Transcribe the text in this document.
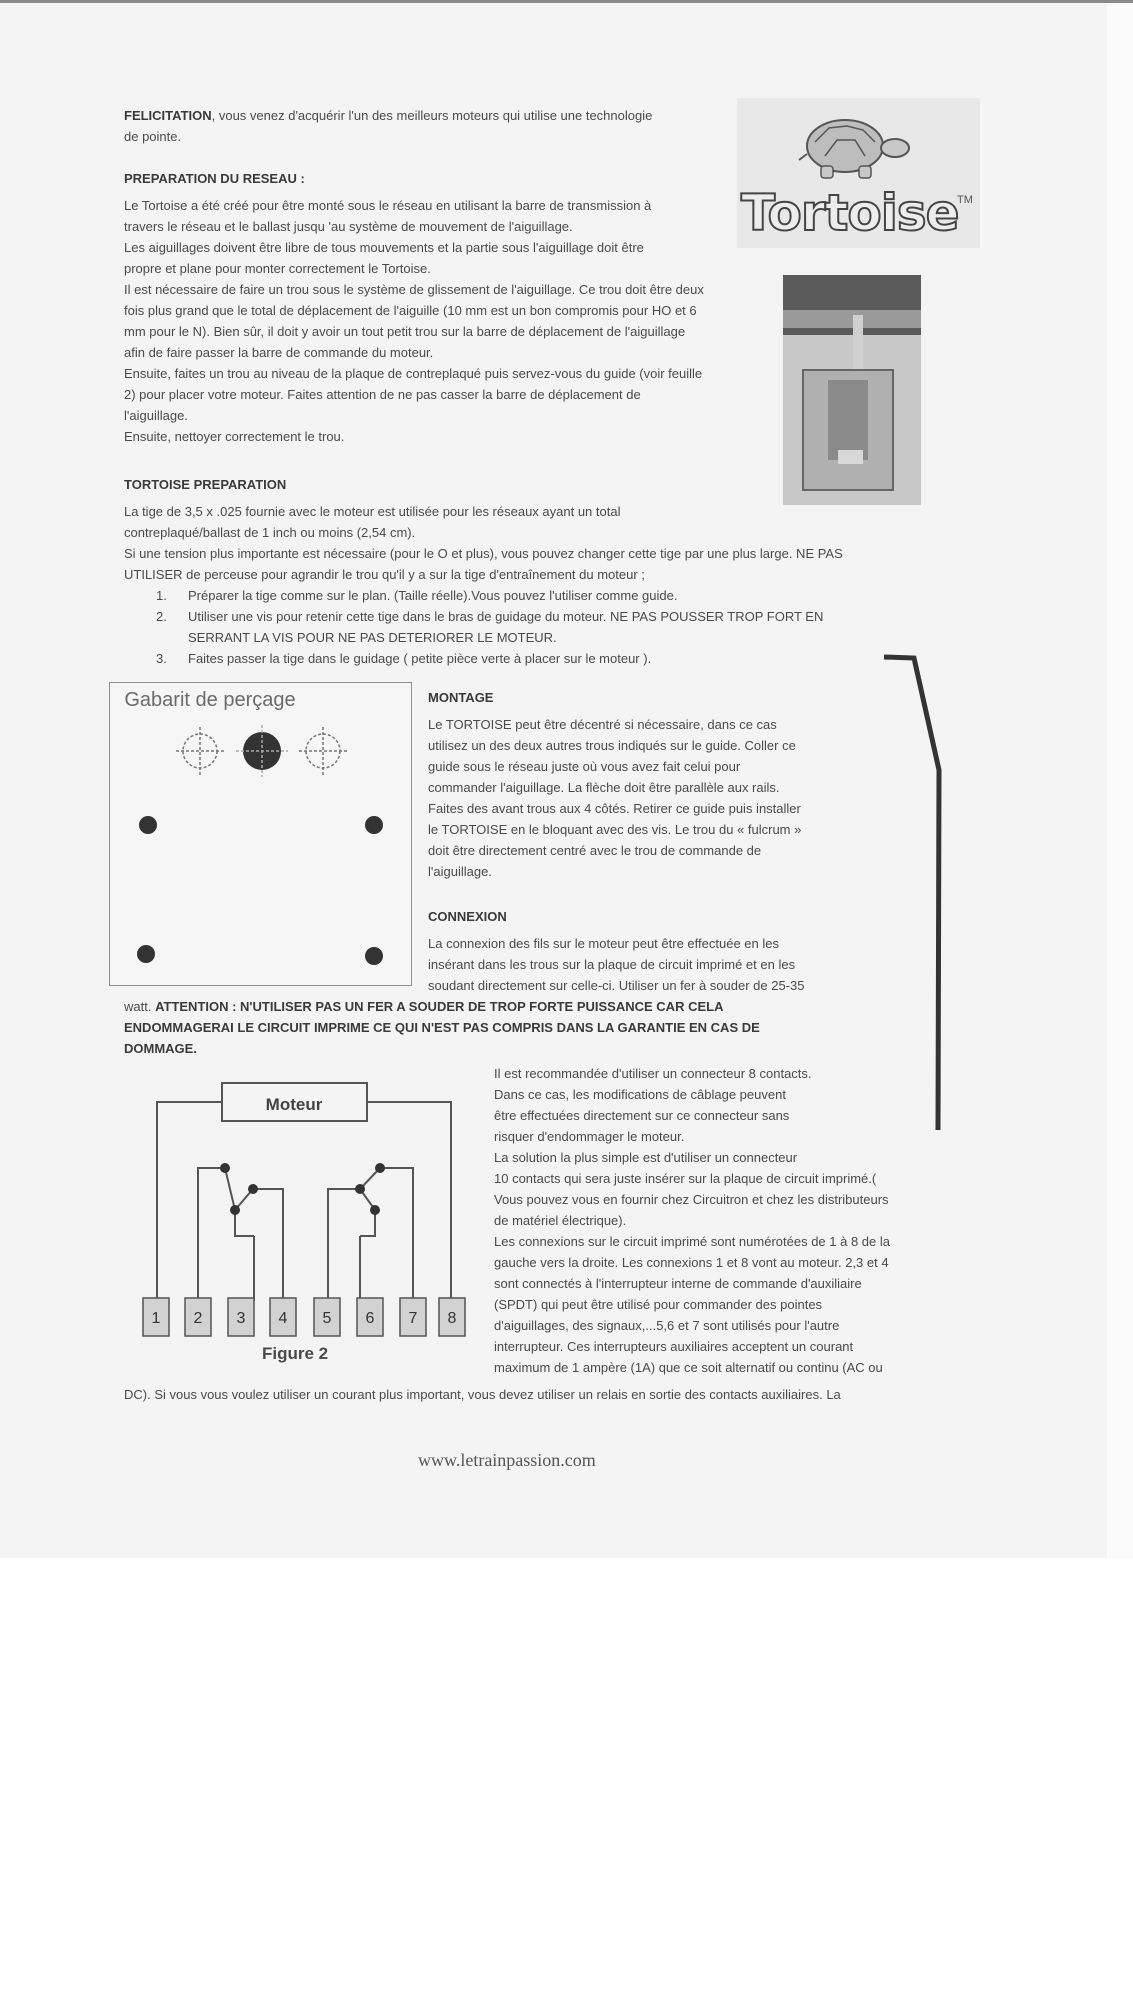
FELICITATION, vous venez d'acquérir l'un des meilleurs moteurs qui utilise une technologie
de pointe.
PREPARATION DU RESEAU :
Le Tortoise a été créé pour être monté sous le réseau en utilisant la barre de transmission à
travers le réseau et le ballast jusqu 'au système de mouvement de l'aiguillage.
Les aiguillages doivent être libre de tous mouvements et la partie sous l'aiguillage doit être
propre et plane pour monter correctement le Tortoise.
Il est nécessaire de faire un trou sous le système de glissement de l'aiguillage. Ce trou doit être deux
fois plus grand que le total de déplacement de l'aiguille (10 mm est un bon compromis pour HO et 6
mm pour le N). Bien sûr, il doit y avoir un tout petit trou sur la barre de déplacement de l'aiguillage
afin de faire passer la barre de commande du moteur.
Ensuite, faites un trou au niveau de la plaque de contreplaqué puis servez-vous du guide (voir feuille
2) pour placer votre moteur. Faites attention de ne pas casser la barre de déplacement de
l'aiguillage.
Ensuite, nettoyer correctement le trou.
Tortoise
TM
TORTOISE PREPARATION
La tige de 3,5 x .025 fournie avec le moteur est utilisée pour les réseaux ayant un total
contreplaqué/ballast de 1 inch ou moins (2,54 cm).
Si une tension plus importante est nécessaire (pour le O et plus), vous pouvez changer cette tige par une plus large. NE PAS
UTILISER de perceuse pour agrandir le trou qu'il y a sur la tige d'entraînement du moteur ;
1. Préparer la tige comme sur le plan. (Taille réelle).Vous pouvez l'utiliser comme guide.
2. Utiliser une vis pour retenir cette tige dans le bras de guidage du moteur. NE PAS POUSSER TROP FORT EN
SERRANT LA VIS POUR NE PAS DETERIORER LE MOTEUR.
3. Faites passer la tige dans le guidage ( petite pièce verte à placer sur le moteur ).
Gabarit de perçage	MONTAGE
Le TORTOISE peut être décentré si nécessaire, dans ce cas
utilisez un des deux autres trous indiqués sur le guide. Coller ce
guide sous le réseau juste où vous avez fait celui pour
commander l'aiguillage. La flèche doit être parallèle aux rails.
Faites des avant trous aux 4 côtés. Retirer ce guide puis installer
le TORTOISE en le bloquant avec des vis. Le trou du « fulcrum »
doit être directement centré avec le trou de commande de
l'aiguillage.
CONNEXION
La connexion des fils sur le moteur peut être effectuée en les
insérant dans les trous sur la plaque de circuit imprimé et en les
soudant directement sur celle-ci. Utiliser un fer à souder de 25-35
watt. ATTENTION : N'UTILISER PAS UN FER A SOUDER DE TROP FORTE PUISSANCE CAR CELA
ENDOMMAGERAI LE CIRCUIT IMPRIME CE QUI N'EST PAS COMPRIS DANS LA GARANTIE EN CAS DE
DOMMAGE.
Moteur
1 2 3 4 5 6 7 8
Figure 2
Il est recommandée d'utiliser un connecteur 8 contacts.
Dans ce cas, les modifications de câblage peuvent
être effectuées directement sur ce connecteur sans
risquer d'endommager le moteur.
La solution la plus simple est d'utiliser un connecteur
10 contacts qui sera juste insérer sur la plaque de circuit imprimé.(
Vous pouvez vous en fournir chez Circuitron et chez les distributeurs
de matériel électrique).
Les connexions sur le circuit imprimé sont numérotées de 1 à 8 de la
gauche vers la droite. Les connexions 1 et 8 vont au moteur. 2,3 et 4
sont connectés à l'interrupteur interne de commande d'auxiliaire
(SPDT) qui peut être utilisé pour commander des pointes
d'aiguillages, des signaux,...5,6 et 7 sont utilisés pour l'autre
interrupteur. Ces interrupteurs auxiliaires acceptent un courant
maximum de 1 ampère (1A) que ce soit alternatif ou continu (AC ou
DC). Si vous vous voulez utiliser un courant plus important, vous devez utiliser un relais en sortie des contacts auxiliaires. La
www.letrainpassion.com
